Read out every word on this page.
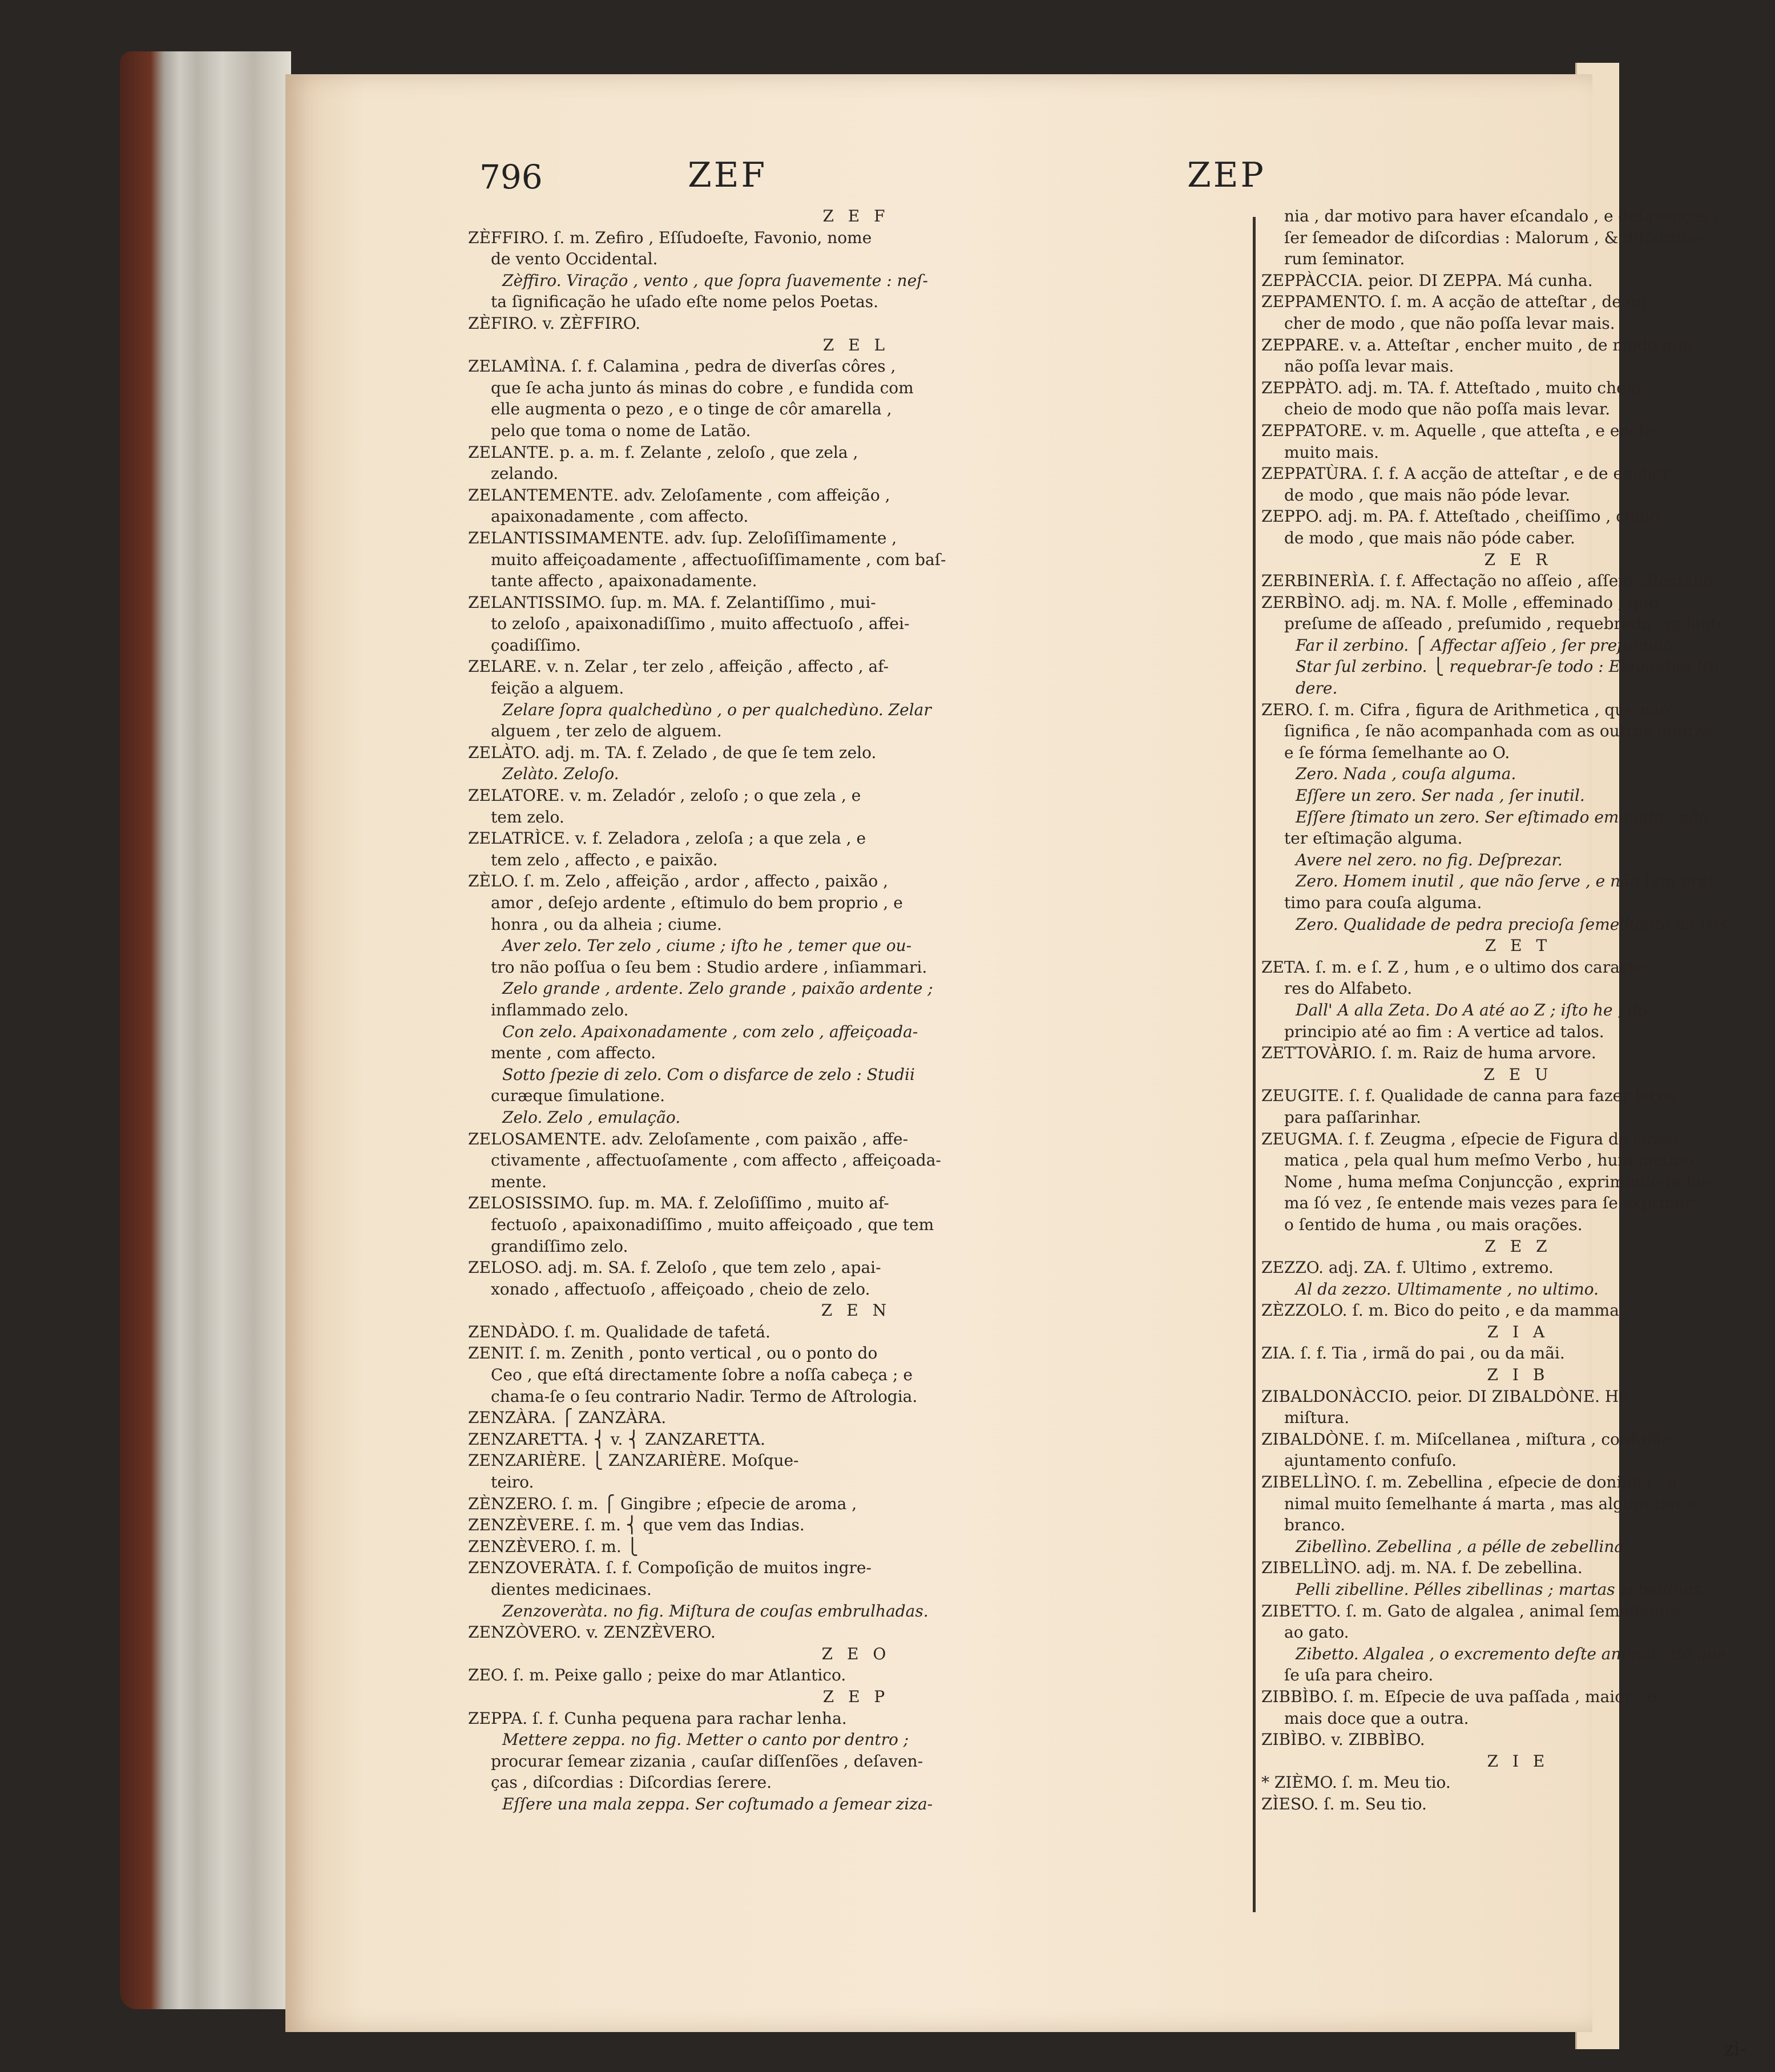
796	ZEF	ZEP
Z E F
ZÈFFIRO. ſ. m. Zefiro , Eſſudoeſte, Favonio, nome
de vento Occidental.
Zèffiro. Viração , vento , que ſopra ſuavemente : neſ-
ta ſignificação he uſado eſte nome pelos Poetas.
ZÈFIRO. v. ZÈFFIRO.
Z E L
ZELAMÌNA. ſ. f. Calamina , pedra de diverſas côres ,
que ſe acha junto ás minas do cobre , e fundida com
elle augmenta o pezo , e o tinge de côr amarella ,
pelo que toma o nome de Latão.
ZELANTE. p. a. m. f. Zelante , zeloſo , que zela ,
zelando.
ZELANTEMENTE. adv. Zeloſamente , com affeição ,
apaixonadamente , com affecto.
ZELANTISSIMAMENTE. adv. ſup. Zeloſiſſimamente ,
muito affeiçoadamente , affectuoſiſſimamente , com baſ-
tante affecto , apaixonadamente.
ZELANTISSIMO. ſup. m. MA. f. Zelantiſſimo , mui-
to zeloſo , apaixonadiſſimo , muito affectuoſo , affei-
çoadiſſimo.
ZELARE. v. n. Zelar , ter zelo , affeição , affecto , af-
feição a alguem.
Zelare ſopra qualchedùno , o per qualchedùno. Zelar
alguem , ter zelo de alguem.
ZELÀTO. adj. m. TA. f. Zelado , de que ſe tem zelo.
Zelàto. Zeloſo.
ZELATORE. v. m. Zeladór , zeloſo ; o que zela , e
tem zelo.
ZELATRÌCE. v. f. Zeladora , zeloſa ; a que zela , e
tem zelo , affecto , e paixão.
ZÈLO. ſ. m. Zelo , affeição , ardor , affecto , paixão ,
amor , deſejo ardente , eſtimulo do bem proprio , e
honra , ou da alheia ; ciume.
Aver zelo. Ter zelo , ciume ; iſto he , temer que ou-
tro não poſſua o ſeu bem : Studio ardere , inſiammari.
Zelo grande , ardente. Zelo grande , paixão ardente ;
inflammado zelo.
Con zelo. Apaixonadamente , com zelo , affeiçoada-
mente , com affecto.
Sotto ſpezie di zelo. Com o disfarce de zelo : Studii
curæque ſimulatione.
Zelo. Zelo , emulação.
ZELOSAMENTE. adv. Zeloſamente , com paixão , affe-
ctivamente , affectuoſamente , com affecto , affeiçoada-
mente.
ZELOSISSIMO. ſup. m. MA. f. Zeloſiſſimo , muito af-
fectuoſo , apaixonadiſſimo , muito affeiçoado , que tem
grandiſſimo zelo.
ZELOSO. adj. m. SA. f. Zeloſo , que tem zelo , apai-
xonado , affectuoſo , affeiçoado , cheio de zelo.
Z E N
ZENDÀDO. ſ. m. Qualidade de tafetá.
ZENIT. ſ. m. Zenith , ponto vertical , ou o ponto do
Ceo , que eſtá directamente ſobre a noſſa cabeça ; e
chama-ſe o ſeu contrario Nadir. Termo de Aſtrologia.
ZENZÀRA. ⎧ ZANZÀRA.
ZENZARETTA. ⎨ v. ⎨ ZANZARETTA.
ZENZARIÈRE. ⎩ ZANZARIÈRE. Moſque-
teiro.
ZÈNZERO. ſ. m. ⎧ Gingibre ; eſpecie de aroma ,
ZENZÈVERE. ſ. m. ⎨ que vem das Indias.
ZENZÈVERO. ſ. m. ⎩
ZENZOVERÀTA. ſ. f. Compoſição de muitos ingre-
dientes medicinaes.
Zenzoveràta. no fig. Miſtura de couſas embrulhadas.
ZENZÒVERO. v. ZENZÈVERO.
Z E O
ZEO. ſ. m. Peixe gallo ; peixe do mar Atlantico.
Z E P
ZEPPA. ſ. f. Cunha pequena para rachar lenha.
Mettere zeppa. no fig. Metter o canto por dentro ;
procurar ſemear zizania , cauſar diſſenſões , deſaven-
ças , diſcordias : Diſcordias ſerere.
Eſſere una mala zeppa. Ser coſtumado a ſemear ziza-
nia , dar motivo para haver eſcandalo , e deſavenças ;
ſer ſemeador de diſcordias : Malorum , & diſcordia-
rum ſeminator.
ZEPPÀCCIA. peior. DI ZEPPA. Má cunha.
ZEPPAMENTO. ſ. m. A acção de atteſtar , de en-
cher de modo , que não poſſa levar mais.
ZEPPARE. v. a. Atteſtar , encher muito , de modo que
não poſſa levar mais.
ZEPPÀTO. adj. m. TA. f. Atteſtado , muito cheio ,
cheio de modo que não poſſa mais levar.
ZEPPATORE. v. m. Aquelle , que atteſta , e enche
muito mais.
ZEPPATÙRA. ſ. f. A acção de atteſtar , e de encher
de modo , que mais não póde levar.
ZEPPO. adj. m. PA. f. Atteſtado , cheiſſimo , cheio
de modo , que mais não póde caber.
Z E R
ZERBINERÌA. ſ. f. Affectação no aſſeio , aſſeio affectado.
ZERBÌNO. adj. m. NA. f. Molle , effeminado , que
preſume de aſſeado , preſumido , requebrado , galante.
Far il zerbino. ⎧ Affectar aſſeio , ſer preſumido ,
Star ſul zerbino. ⎩ requebrar-ſe todo : Elegantiæ ſtu-
dere.
ZERO. ſ. m. Cifra , figura de Arithmetica , que não
ſignifica , ſe não acompanhada com as outras figuras ,
e ſe fórma ſemelhante ao O.
Zero. Nada , couſa alguma.
Eſſere un zero. Ser nada , ſer inutil.
Eſſere ſtimato un zero. Ser eſtimado em nada , não
ter eſtimação alguma.
Avere nel zero. no fig. Deſprezar.
Zero. Homem inutil , que não ſerve , e não tem preſ-
timo para couſa alguma.
Zero. Qualidade de pedra precioſa ſemelhante ao Iris.
Z E T
ZETA. ſ. m. e ſ. Z , hum , e o ultimo dos caracte-
res do Alfabeto.
Dall' A alla Zeta. Do A até ao Z ; iſto he , do
principio até ao fim : A vertice ad talos.
ZETTOVÀRIO. ſ. m. Raiz de huma arvore.
Z E U
ZEUGITE. ſ. f. Qualidade de canna para fazer laços
para paſſarinhar.
ZEUGMA. ſ. f. Zeugma , eſpecie de Figura de Gram-
matica , pela qual hum meſmo Verbo , hum meſmo
Nome , huma meſma Conjuncção , exprimindo-ſe hu-
ma ſó vez , ſe entende mais vezes para ſe exprimir
o ſentido de huma , ou mais orações.
Z E Z
ZEZZO. adj. ZA. f. Ultimo , extremo.
Al da zezzo. Ultimamente , no ultimo.
ZÈZZOLO. ſ. m. Bico do peito , e da mamma.
Z I A
ZIA. ſ. f. Tia , irmã do pai , ou da mãi.
Z I B
ZIBALDONÀCCIO. peior. DI ZIBALDÒNE. Ha
miſtura.
ZIBALDÒNE. ſ. m. Miſcellanea , miſtura , confuſão ,
ajuntamento confuſo.
ZIBELLÌNO. ſ. m. Zebellina , eſpecie de doninha , a-
nimal muito ſemelhante á marta , mas algum tanto
branco.
Zibellìno. Zebellina , a pélle de zebellina.
ZIBELLÌNO. adj. m. NA. f. De zebellina.
Pelli zibelline. Pélles zibellinas ; martas zebellinas.
ZIBETTO. ſ. m. Gato de algalea , animal ſemelhante
ao gato.
Zibetto. Algalea , o excremento deſte animal , de que
ſe uſa para cheiro.
ZIBBÌBO. ſ. m. Eſpecie de uva paſſada , maior , e
mais doce que a outra.
ZIBÌBO. v. ZIBBÌBO.
Z I E
* ZIÈMO. ſ. m. Meu tio.
ZÌESO. ſ. m. Seu tio.
zi-
